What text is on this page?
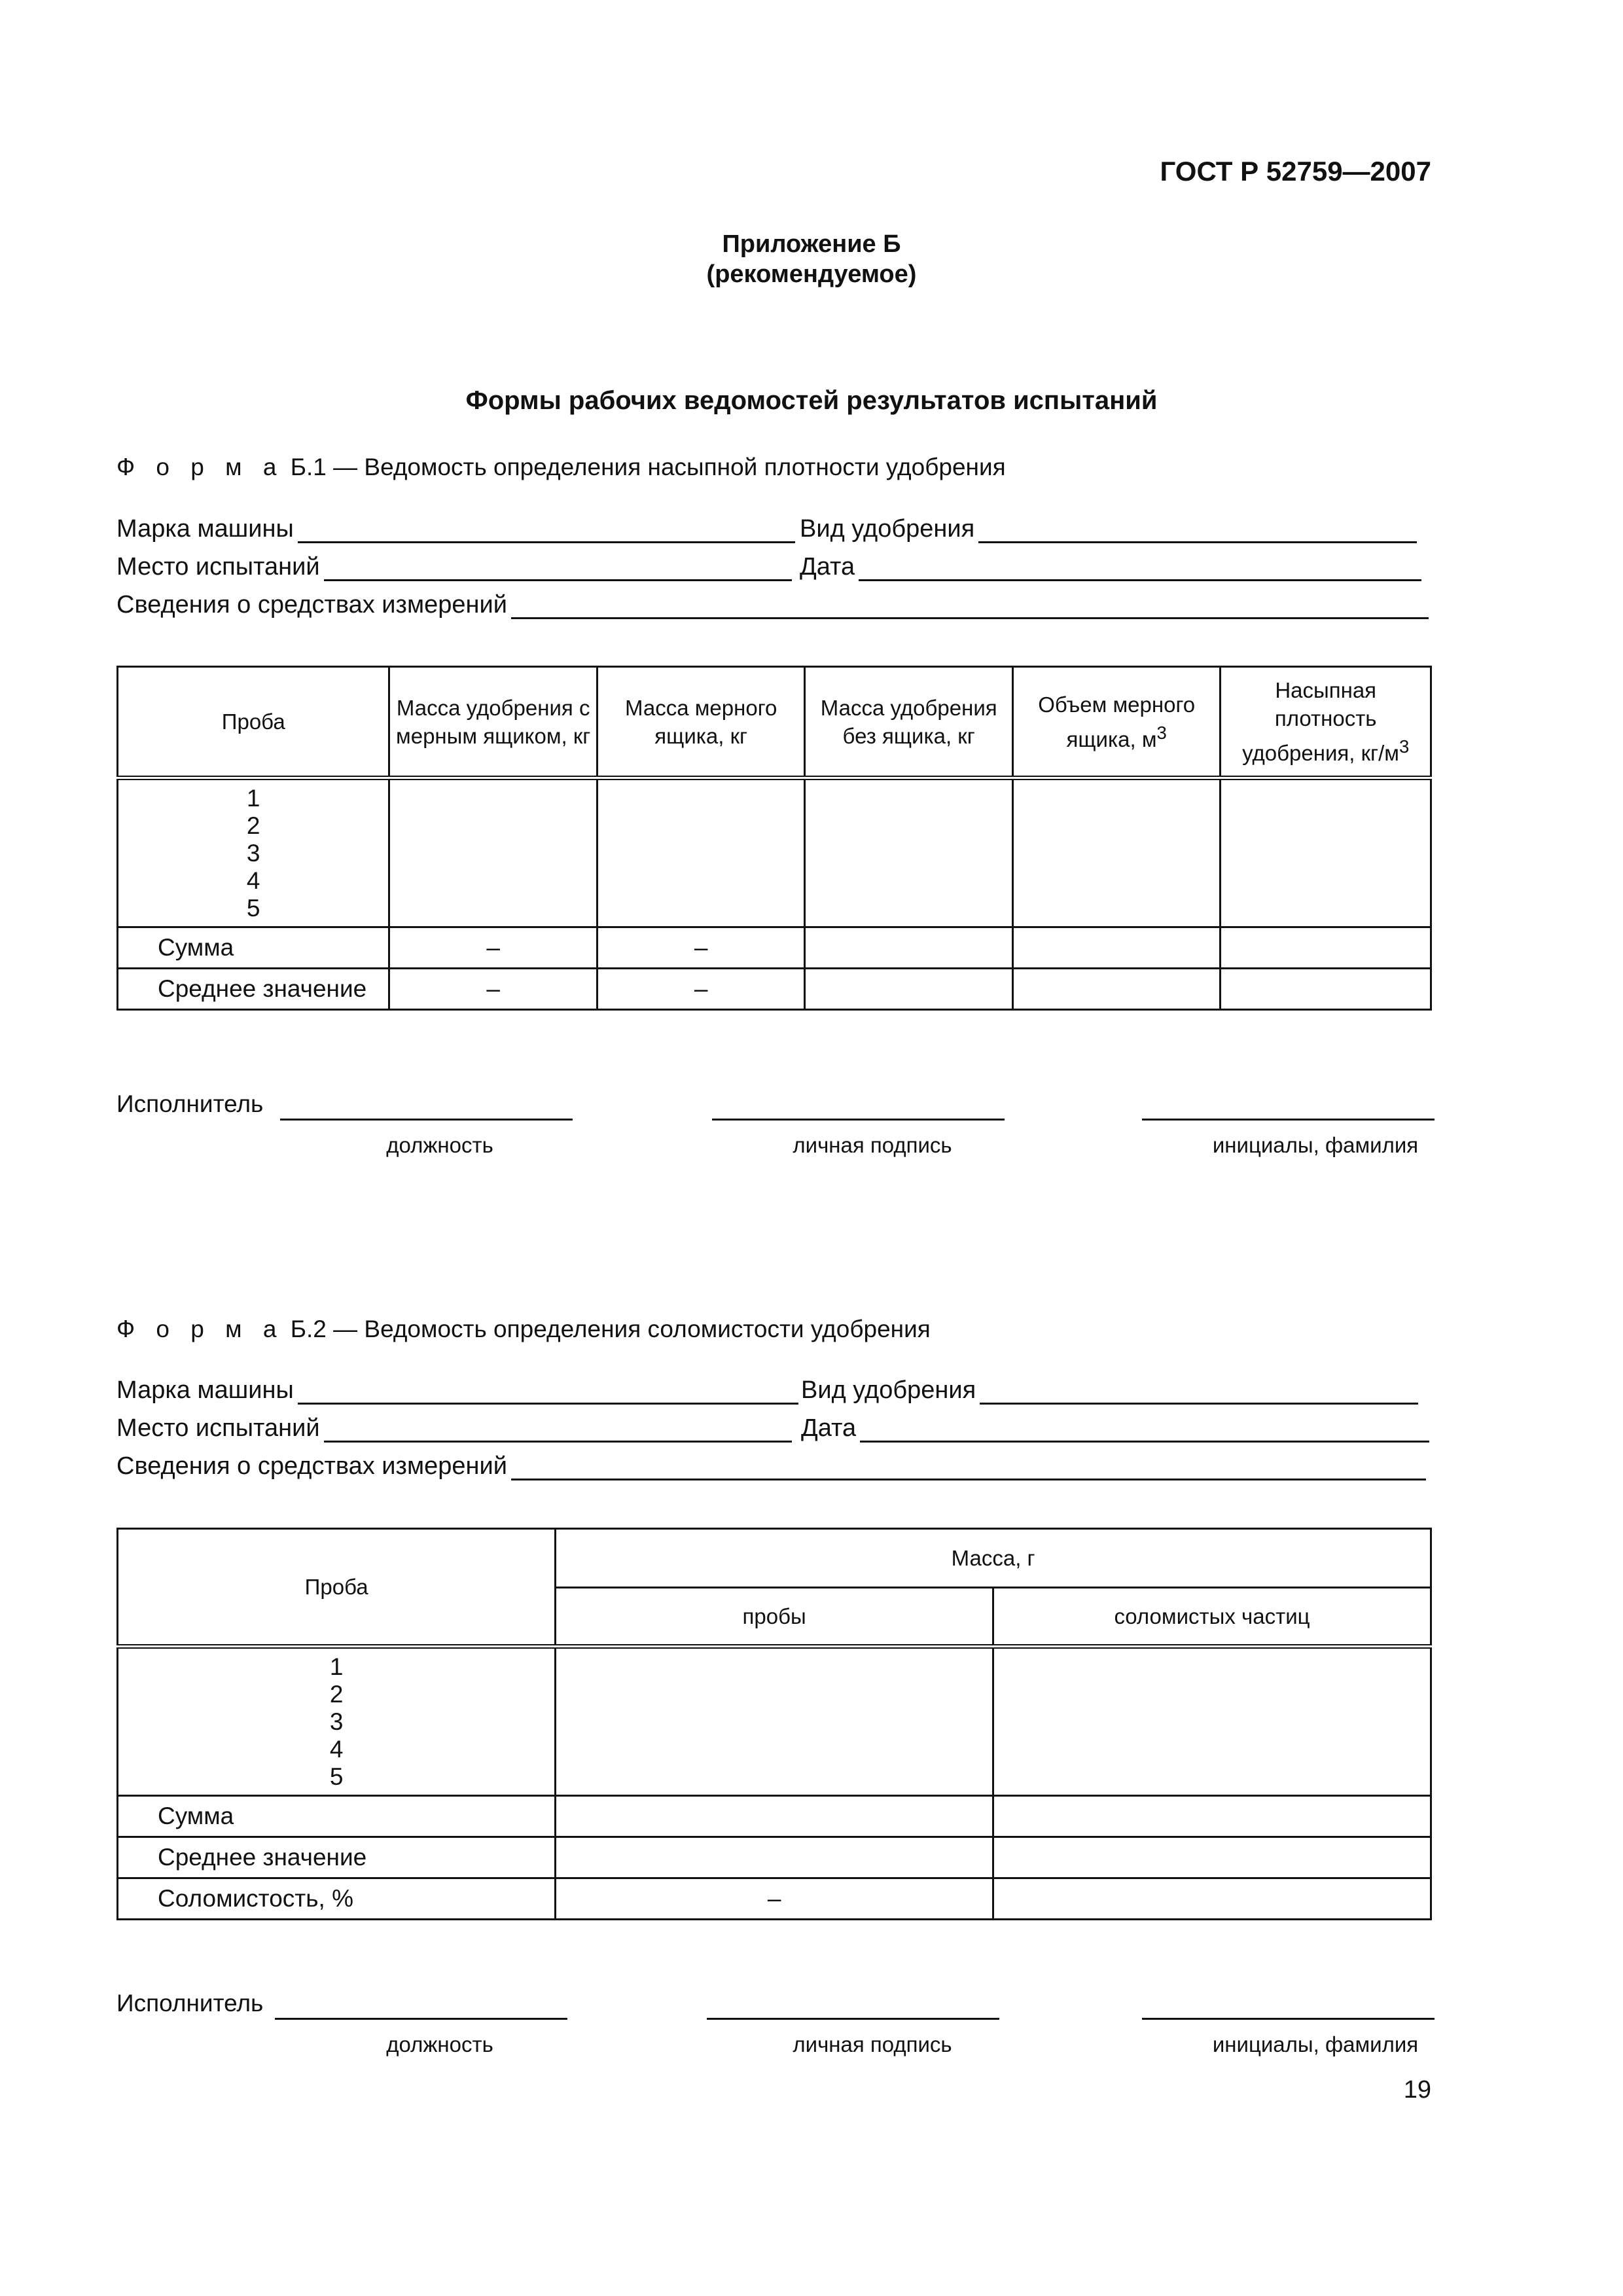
ГОСТ Р 52759—2007
Приложение Б
(рекомендуемое)
Формы рабочих ведомостей результатов испытаний
Ф о р м а Б.1 — Ведомость определения насыпной плотности удобрения
Марка машины	Вид удобрения
Место испытаний	Дата
Сведения о средствах измерений
Проба	Масса удобрения с мерным ящиком, кг	Масса мерного ящика, кг	Масса удобрения без ящика, кг	Объем мерного ящика, $м^3$	Насыпная плотность удобрения, $кг/м^3$

1
2
3
4
5					

Сумма	–	–			
Среднее значение	–	–			
Исполнитель
должность	личная подпись	инициалы, фамилия
Ф о р м а Б.2 — Ведомость определения соломистости удобрения
Марка машины	Вид удобрения
Место испытаний	Дата
Сведения о средствах измерений
Проба	Масса, г	
	пробы	соломистых частиц

1
2
3
4
5		

Сумма		
Среднее значение		
Соломистость, %	–	
Исполнитель
должность	личная подпись	инициалы, фамилия
19
